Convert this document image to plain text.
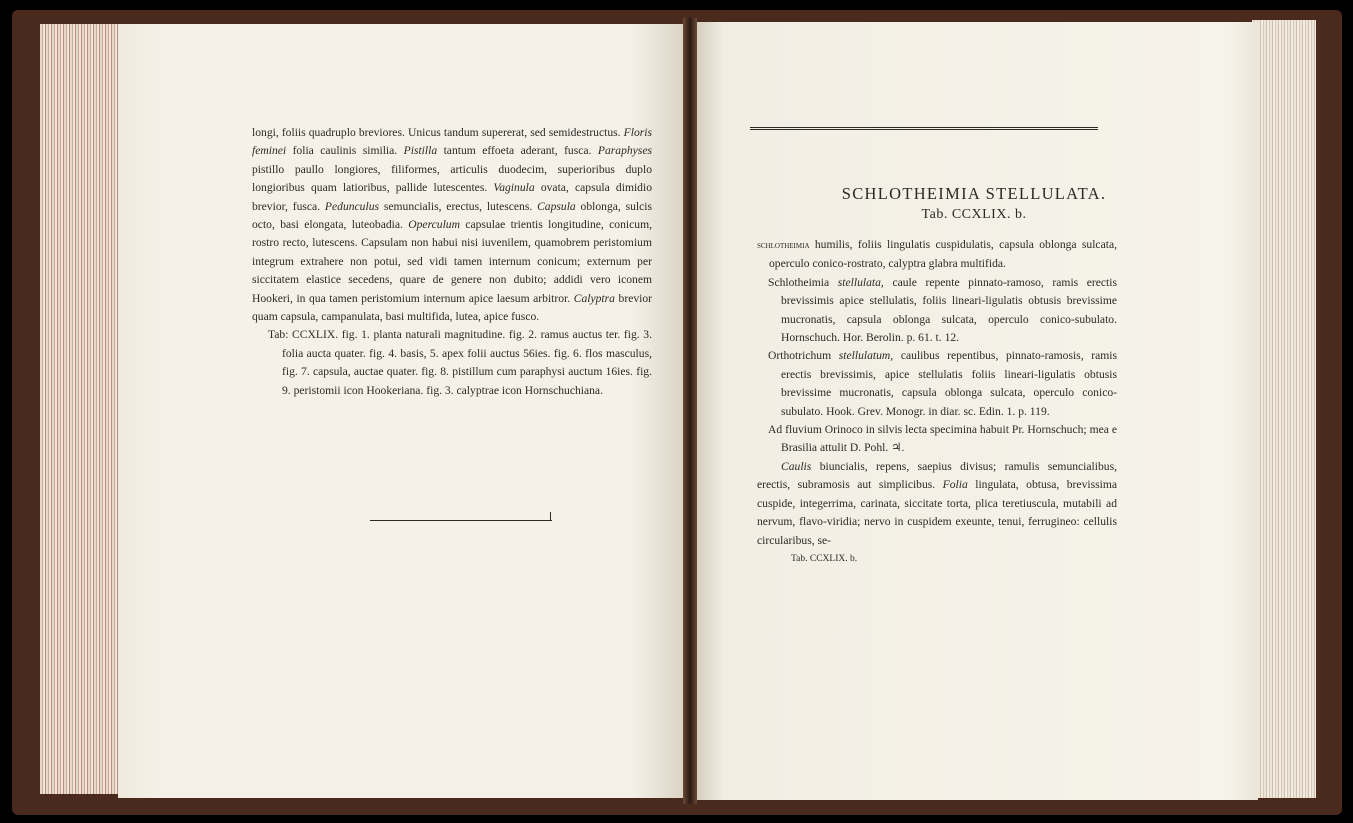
longi, foliis quadruplo breviores. Unicus tandum supererat, sed semidestructus. Floris feminei folia caulinis similia. Pistilla tantum effoeta aderant, fusca. Paraphyses pistillo paullo longiores, filiformes, articulis duodecim, superioribus duplo longioribus quam latioribus, pallide lutescentes. Vaginula ovata, capsula dimidio brevior, fusca. Pedunculus semuncialis, erectus, lutescens. Capsula oblonga, sulcis octo, basi elongata, luteobadia. Operculum capsulae trientis longitudine, conicum, rostro recto, lutescens. Capsulam non habui nisi iuvenilem, quamobrem peristomium integrum extrahere non potui, sed vidi tamen internum conicum; externum per siccitatem elastice secedens, quare de genere non dubito; addidi vero iconem Hookeri, in qua tamen peristomium internum apice laesum arbitror. Calyptra brevior quam capsula, campanulata, basi multifida, lutea, apice fusco.

Tab: CCXLIX. fig. 1. planta naturali magnitudine. fig. 2. ramus auctus ter. fig. 3. folia aucta quater. fig. 4. basis, 5. apex folii auctus 56ies. fig. 6. flos masculus, fig. 7. capsula, auctae quater. fig. 8. pistillum cum paraphysi auctum 16ies. fig. 9. peristomii icon Hookeriana. fig. 3. calyptrae icon Hornschuchiana.

SCHLOTHEIMIA STELLULATA.
Tab. CCXLIX. b.

schlotheimia humilis, foliis lingulatis cuspidulatis, capsula oblonga sulcata, operculo conico-rostrato, calyptra glabra multifida.

Schlotheimia stellulata, caule repente pinnato-ramoso, ramis erectis brevissimis apice stellulatis, foliis lineari-ligulatis obtusis brevissime mucronatis, capsula oblonga sulcata, operculo conico-subulato. Hornschuch. Hor. Berolin. p. 61. t. 12.

Orthotrichum stellulatum, caulibus repentibus, pinnato-ramosis, ramis erectis brevissimis, apice stellulatis foliis lineari-ligulatis obtusis brevissime mucronatis, capsula oblonga sulcata, operculo conico-subulato. Hook. Grev. Monogr. in diar. sc. Edin. 1. p. 119.

Ad fluvium Orinoco in silvis lecta specimina habuit Pr. Hornschuch; mea e Brasilia attulit D. Pohl. ♃.

Caulis biuncialis, repens, saepius divisus; ramulis semuncialibus, erectis, subramosis aut simplicibus. Folia lingulata, obtusa, brevissima cuspide, integerrima, carinata, siccitate torta, plica teretiuscula, mutabili ad nervum, flavo-viridia; nervo in cuspidem exeunte, tenui, ferrugineo: cellulis circularibus, se-

Tab. CCXLIX. b.
